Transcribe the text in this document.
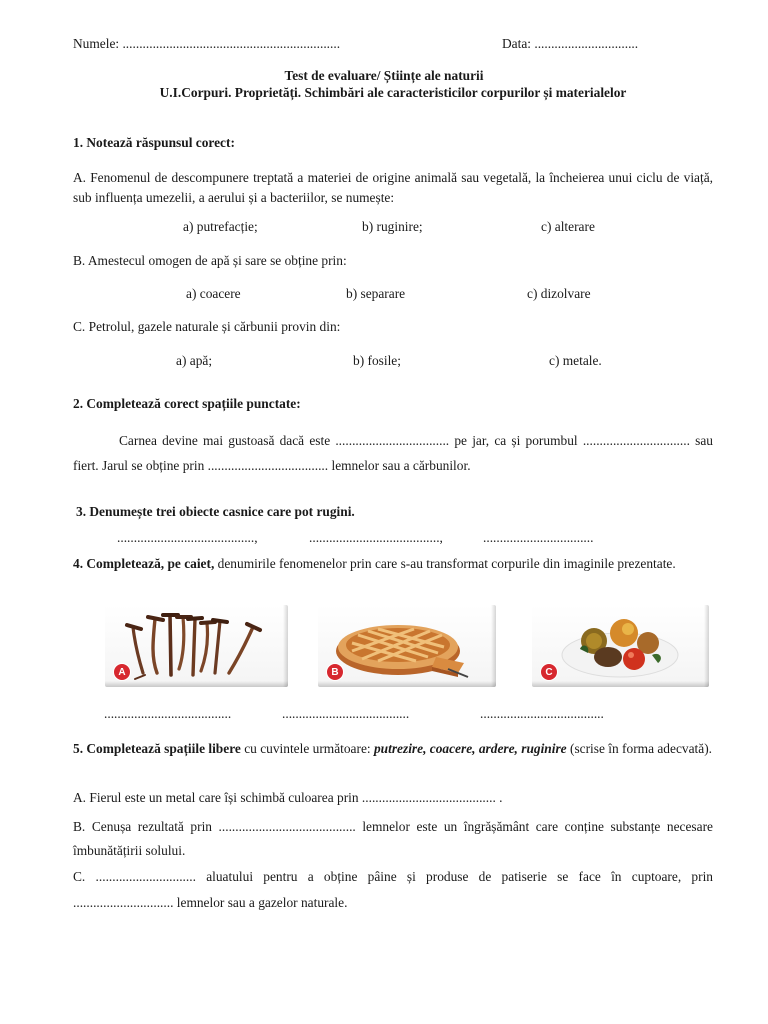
Numele: .................................................................	Data: ...............................
Test de evaluare/ Științe ale naturii
U.I.Corpuri. Proprietăți. Schimbări ale caracteristicilor corpurilor și materialelor
1. Notează răspunsul corect:
A. Fenomenul de descompunere treptată a materiei de origine animală sau vegetală, la încheierea unui ciclu de viață, sub influența umezelii, a aerului și a bacteriilor, se numește:
a) putrefacție;	b) ruginire;	c) alterare
B. Amestecul omogen de apă și sare se obține prin:
a) coacere	b) separare	c) dizolvare
C. Petrolul, gazele naturale și cărbunii provin din:
a) apă;	b) fosile;	c) metale.
2. Completează corect spațiile punctate:
Carnea devine mai gustoasă dacă este .................................. pe jar, ca și porumbul ................................ sau fiert. Jarul se obține prin .................................... lemnelor sau a cărbunilor.
3. Denumește trei obiecte casnice care pot rugini.
.........................................,	.......................................,	.................................
4. Completează, pe caiet, denumirile fenomenelor prin care s-au transformat corpurile din imaginile prezentate.
A	B	C
......................................	......................................	.....................................
5. Completează spațiile libere cu cuvintele următoare: putrezire, coacere, ardere, ruginire (scrise în forma adecvată).
A. Fierul este un metal care își schimbă culoarea prin ........................................ .
B. Cenușa rezultată prin ......................................... lemnelor este un îngrășământ care conține substanțe necesare îmbunătățirii solului.
C. .............................. aluatului pentru a obține pâine și produse de patiserie se face în cuptoare, prin .............................. lemnelor sau a gazelor naturale.
